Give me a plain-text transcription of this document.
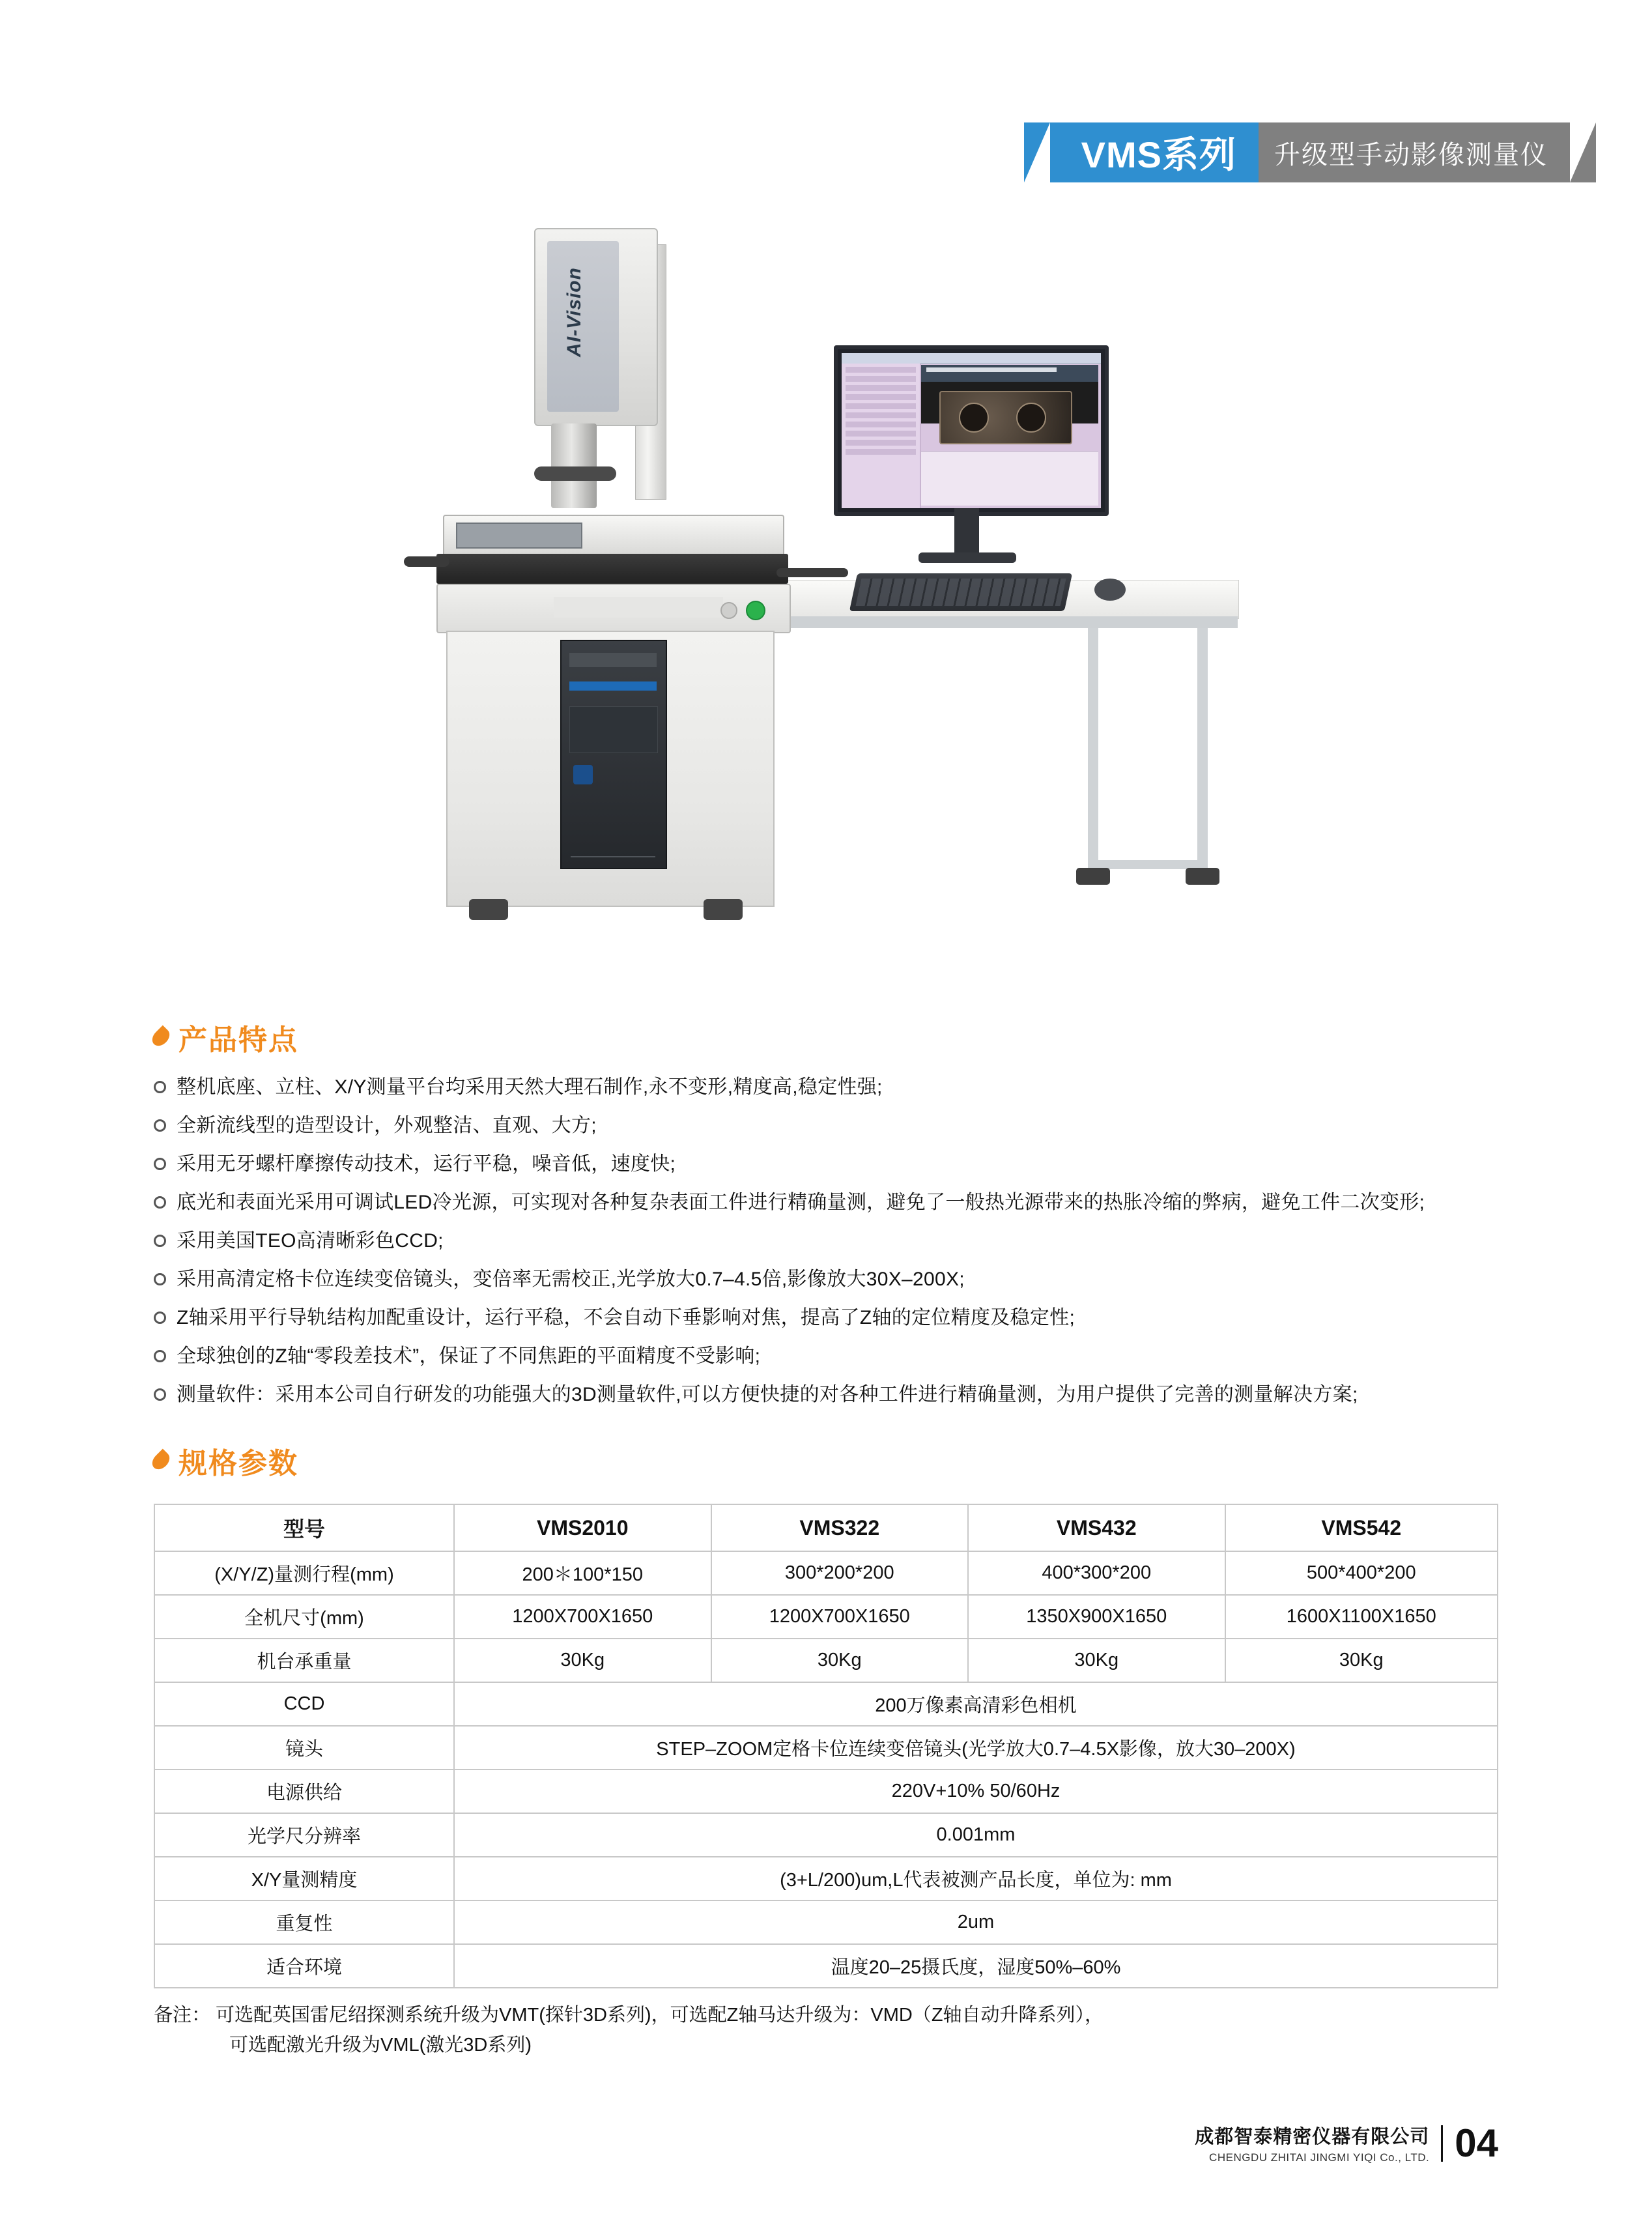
VMS系列	升级型手动影像测量仪
AI-Vision
产品特点
整机底座、立柱、X/Y测量平台均采用天然大理石制作,永不变形,精度高,稳定性强;
全新流线型的造型设计，外观整洁、直观、大方;
采用无牙螺杆摩擦传动技术，运行平稳，噪音低，速度快;
底光和表面光采用可调试LED冷光源，可实现对各种复杂表面工件进行精确量测，避免了一般热光源带来的热胀冷缩的弊病，避免工件二次变形;
采用美国TEO高清晰彩色CCD;
采用高清定格卡位连续变倍镜头，变倍率无需校正,光学放大0.7–4.5倍,影像放大30X–200X;
Z轴采用平行导轨结构加配重设计，运行平稳，不会自动下垂影响对焦，提高了Z轴的定位精度及稳定性;
全球独创的Z轴“零段差技术”，保证了不同焦距的平面精度不受影响;
测量软件：采用本公司自行研发的功能强大的3D测量软件,可以方便快捷的对各种工件进行精确量测，为用户提供了完善的测量解决方案;
规格参数
型号	VMS2010	VMS322	VMS432	VMS542
(X/Y/Z)量测行程(mm)	200＊100*150	300*200*200	400*300*200	500*400*200
全机尺寸(mm)	1200X700X1650	1200X700X1650	1350X900X1650	1600X1100X1650
机台承重量	30Kg	30Kg	30Kg	30Kg
CCD	200万像素高清彩色相机			
镜头	STEP–ZOOM定格卡位连续变倍镜头(光学放大0.7–4.5X影像，放大30–200X)			
电源供给	220V+10% 50/60Hz			
光学尺分辨率	0.001mm			
X/Y量测精度	(3+L/200)um,L代表被测产品长度，单位为: mm			
重复性	2um			
适合环境	温度20–25摄氏度，湿度50%–60%			
备注： 可选配英国雷尼绍探测系统升级为VMT(探针3D系列)，可选配Z轴马达升级为：VMD（Z轴自动升降系列），
可选配激光升级为VML(激光3D系列)
成都智泰精密仪器有限公司
CHENGDU ZHITAI JINGMI YIQI Co., LTD. 04
